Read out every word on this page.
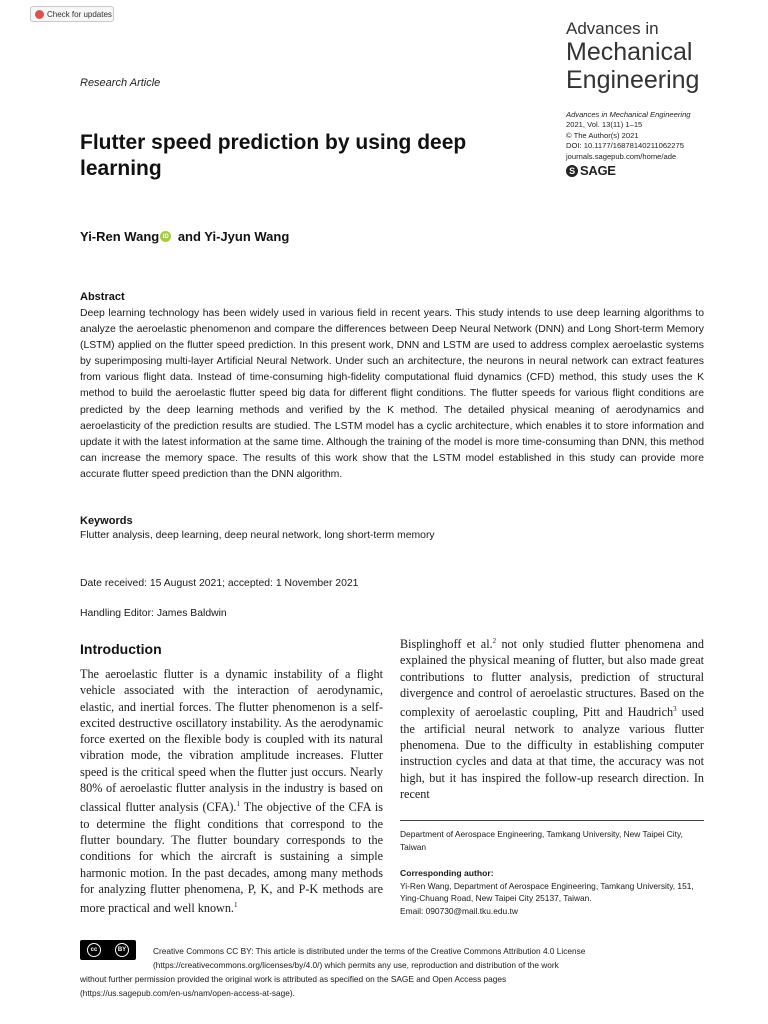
Check for updates
Advances in
Mechanical
Engineering
Research Article
Advances in Mechanical Engineering
2021, Vol. 13(11) 1–15
© The Author(s) 2021
DOI: 10.1177/16878140211062275
journals.sagepub.com/home/ade
S SAGE
Flutter speed prediction by using deep learning
Yi-Ren Wang iD and Yi-Jyun Wang
Abstract
Deep learning technology has been widely used in various field in recent years. This study intends to use deep learning algorithms to analyze the aeroelastic phenomenon and compare the differences between Deep Neural Network (DNN) and Long Short-term Memory (LSTM) applied on the flutter speed prediction. In this present work, DNN and LSTM are used to address complex aeroelastic systems by superimposing multi-layer Artificial Neural Network. Under such an architecture, the neurons in neural network can extract features from various flight data. Instead of time-consuming high-fidelity computational fluid dynamics (CFD) method, this study uses the K method to build the aeroelastic flutter speed big data for different flight conditions. The flutter speeds for various flight conditions are predicted by the deep learning methods and verified by the K method. The detailed physical meaning of aerodynamics and aeroelasticity of the prediction results are studied. The LSTM model has a cyclic architecture, which enables it to store information and update it with the latest information at the same time. Although the training of the model is more time-consuming than DNN, this method can increase the memory space. The results of this work show that the LSTM model established in this study can provide more accurate flutter speed prediction than the DNN algorithm.
Keywords
Flutter analysis, deep learning, deep neural network, long short-term memory
Date received: 15 August 2021; accepted: 1 November 2021
Handling Editor: James Baldwin
Introduction
The aeroelastic flutter is a dynamic instability of a flight vehicle associated with the interaction of aerodynamic, elastic, and inertial forces. The flutter phenomenon is a self-excited destructive oscillatory instability. As the aerodynamic force exerted on the flexible body is coupled with its natural vibration mode, the vibration amplitude increases. Flutter speed is the critical speed when the flutter just occurs. Nearly 80% of aeroelastic flutter analysis in the industry is based on classical flutter analysis (CFA).$^1$ The objective of the CFA is to determine the flight conditions that correspond to the flutter boundary. The flutter boundary corresponds to the conditions for which the aircraft is sustaining a simple harmonic motion. In the past decades, among many methods for analyzing flutter phenomena, P, K, and P-K methods are more practical and well known.$^1$
Bisplinghoff et al.$^2$ not only studied flutter phenomena and explained the physical meaning of flutter, but also made great contributions to flutter analysis, prediction of structural divergence and control of aeroelastic structures. Based on the complexity of aeroelastic coupling, Pitt and Haudrich$^3$ used the artificial neural network to analyze various flutter phenomena. Due to the difficulty in establishing computer instruction cycles and data at that time, the accuracy was not high, but it has inspired the follow-up research direction. In recent
Department of Aerospace Engineering, Tamkang University, New Taipei City, Taiwan
Corresponding author:
Yi-Ren Wang, Department of Aerospace Engineering, Tamkang University, 151, Ying-Chuang Road, New Taipei City 25137, Taiwan.
Email: 090730@mail.tku.edu.tw
cc	BY	Creative Commons CC BY: This article is distributed under the terms of the Creative Commons Attribution 4.0 License
(https://creativecommons.org/licenses/by/4.0/) which permits any use, reproduction and distribution of the work
without further permission provided the original work is attributed as specified on the SAGE and Open Access pages
(https://us.sagepub.com/en-us/nam/open-access-at-sage).
